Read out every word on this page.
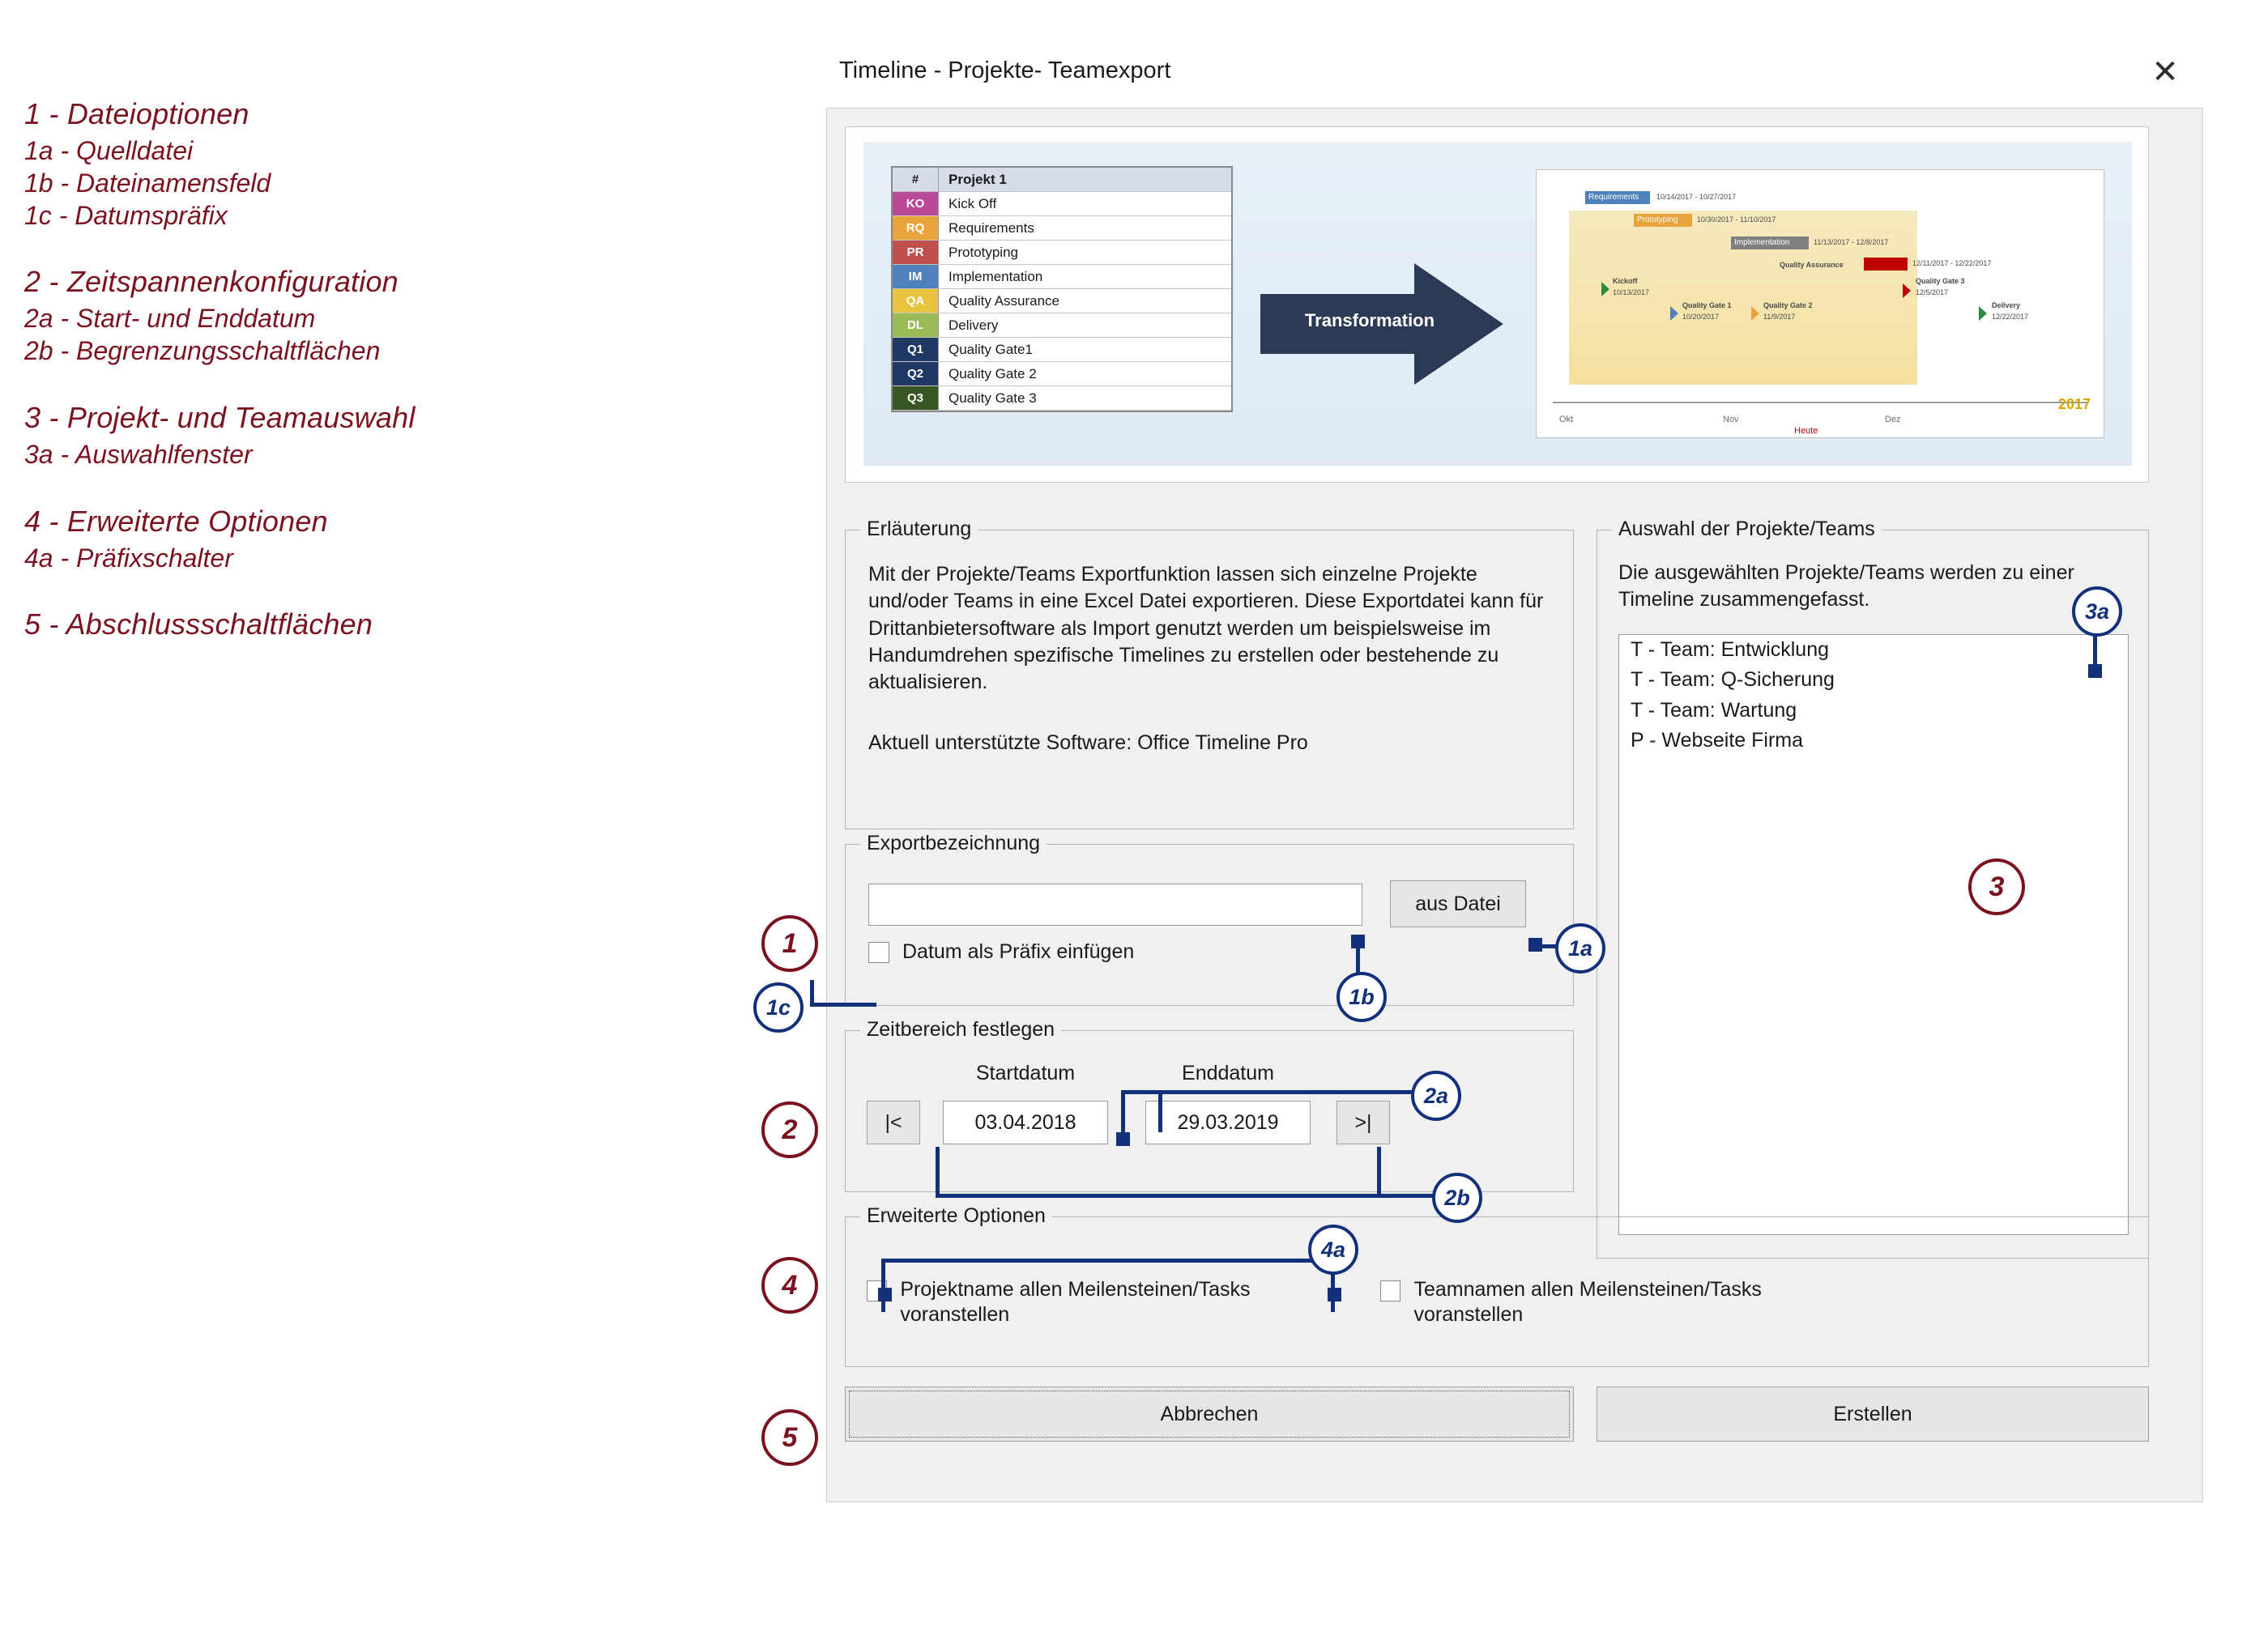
1 - Dateioptionen
1a - Quelldatei
1b - Dateinamensfeld
1c - Datumspräfix
2 - Zeitspannenkonfiguration
2a - Start- und Enddatum
2b - Begrenzungsschaltflächen
3 - Projekt- und Teamauswahl
3a - Auswahlfenster
4 - Erweiterte Optionen
4a - Präfixschalter
5 - Abschlussschaltflächen
Timeline - Projekte- Teamexport	✕
#	Projekt 1
KO	Kick Off
RQ	Requirements
PR	Prototyping
IM	Implementation
QA	Quality Assurance
DL	Delivery
Q1	Quality Gate1
Q2	Quality Gate 2
Q3	Quality Gate 3
Transformation
Requirements	10/14/2017 - 10/27/2017
Prototyping	10/30/2017 - 11/10/2017
Implementation	11/13/2017 - 12/8/2017
Quality Assurance	12/11/2017 - 12/22/2017
Kickoff
10/13/2017
Quality Gate 1
10/20/2017
Quality Gate 2
11/9/2017
Quality Gate 3
12/5/2017
Delivery
12/22/2017
Okt	Nov	Dez
Heute
2017
Erläuterung
Mit der Projekte/Teams Exportfunktion lassen sich einzelne Projekte und/oder Teams in eine Excel Datei exportieren. Diese Exportdatei kann für Drittanbietersoftware als Import genutzt werden um beispielsweise im Handumdrehen spezifische Timelines zu erstellen oder bestehende zu aktualisieren.
Aktuell unterstützte Software: Office Timeline Pro
Auswahl der Projekte/Teams
Die ausgewählten Projekte/Teams werden zu einer Timeline zusammengefasst.
T - Team: Entwicklung
T - Team: Q-Sicherung
T - Team: Wartung
P - Webseite Firma
Exportbezeichnung
aus Datei
Datum als Präfix einfügen
Zeitbereich festlegen
Startdatum	Enddatum
|<
03.04.2018
29.03.2019	>|
Erweiterte Optionen
Projektname allen Meilensteinen/Tasks voranstellen
Teamnamen allen Meilensteinen/Tasks voranstellen
Abbrechen	Erstellen
1a
1b
1c
1
2a
2b
2
3a
3
4a
4
5
